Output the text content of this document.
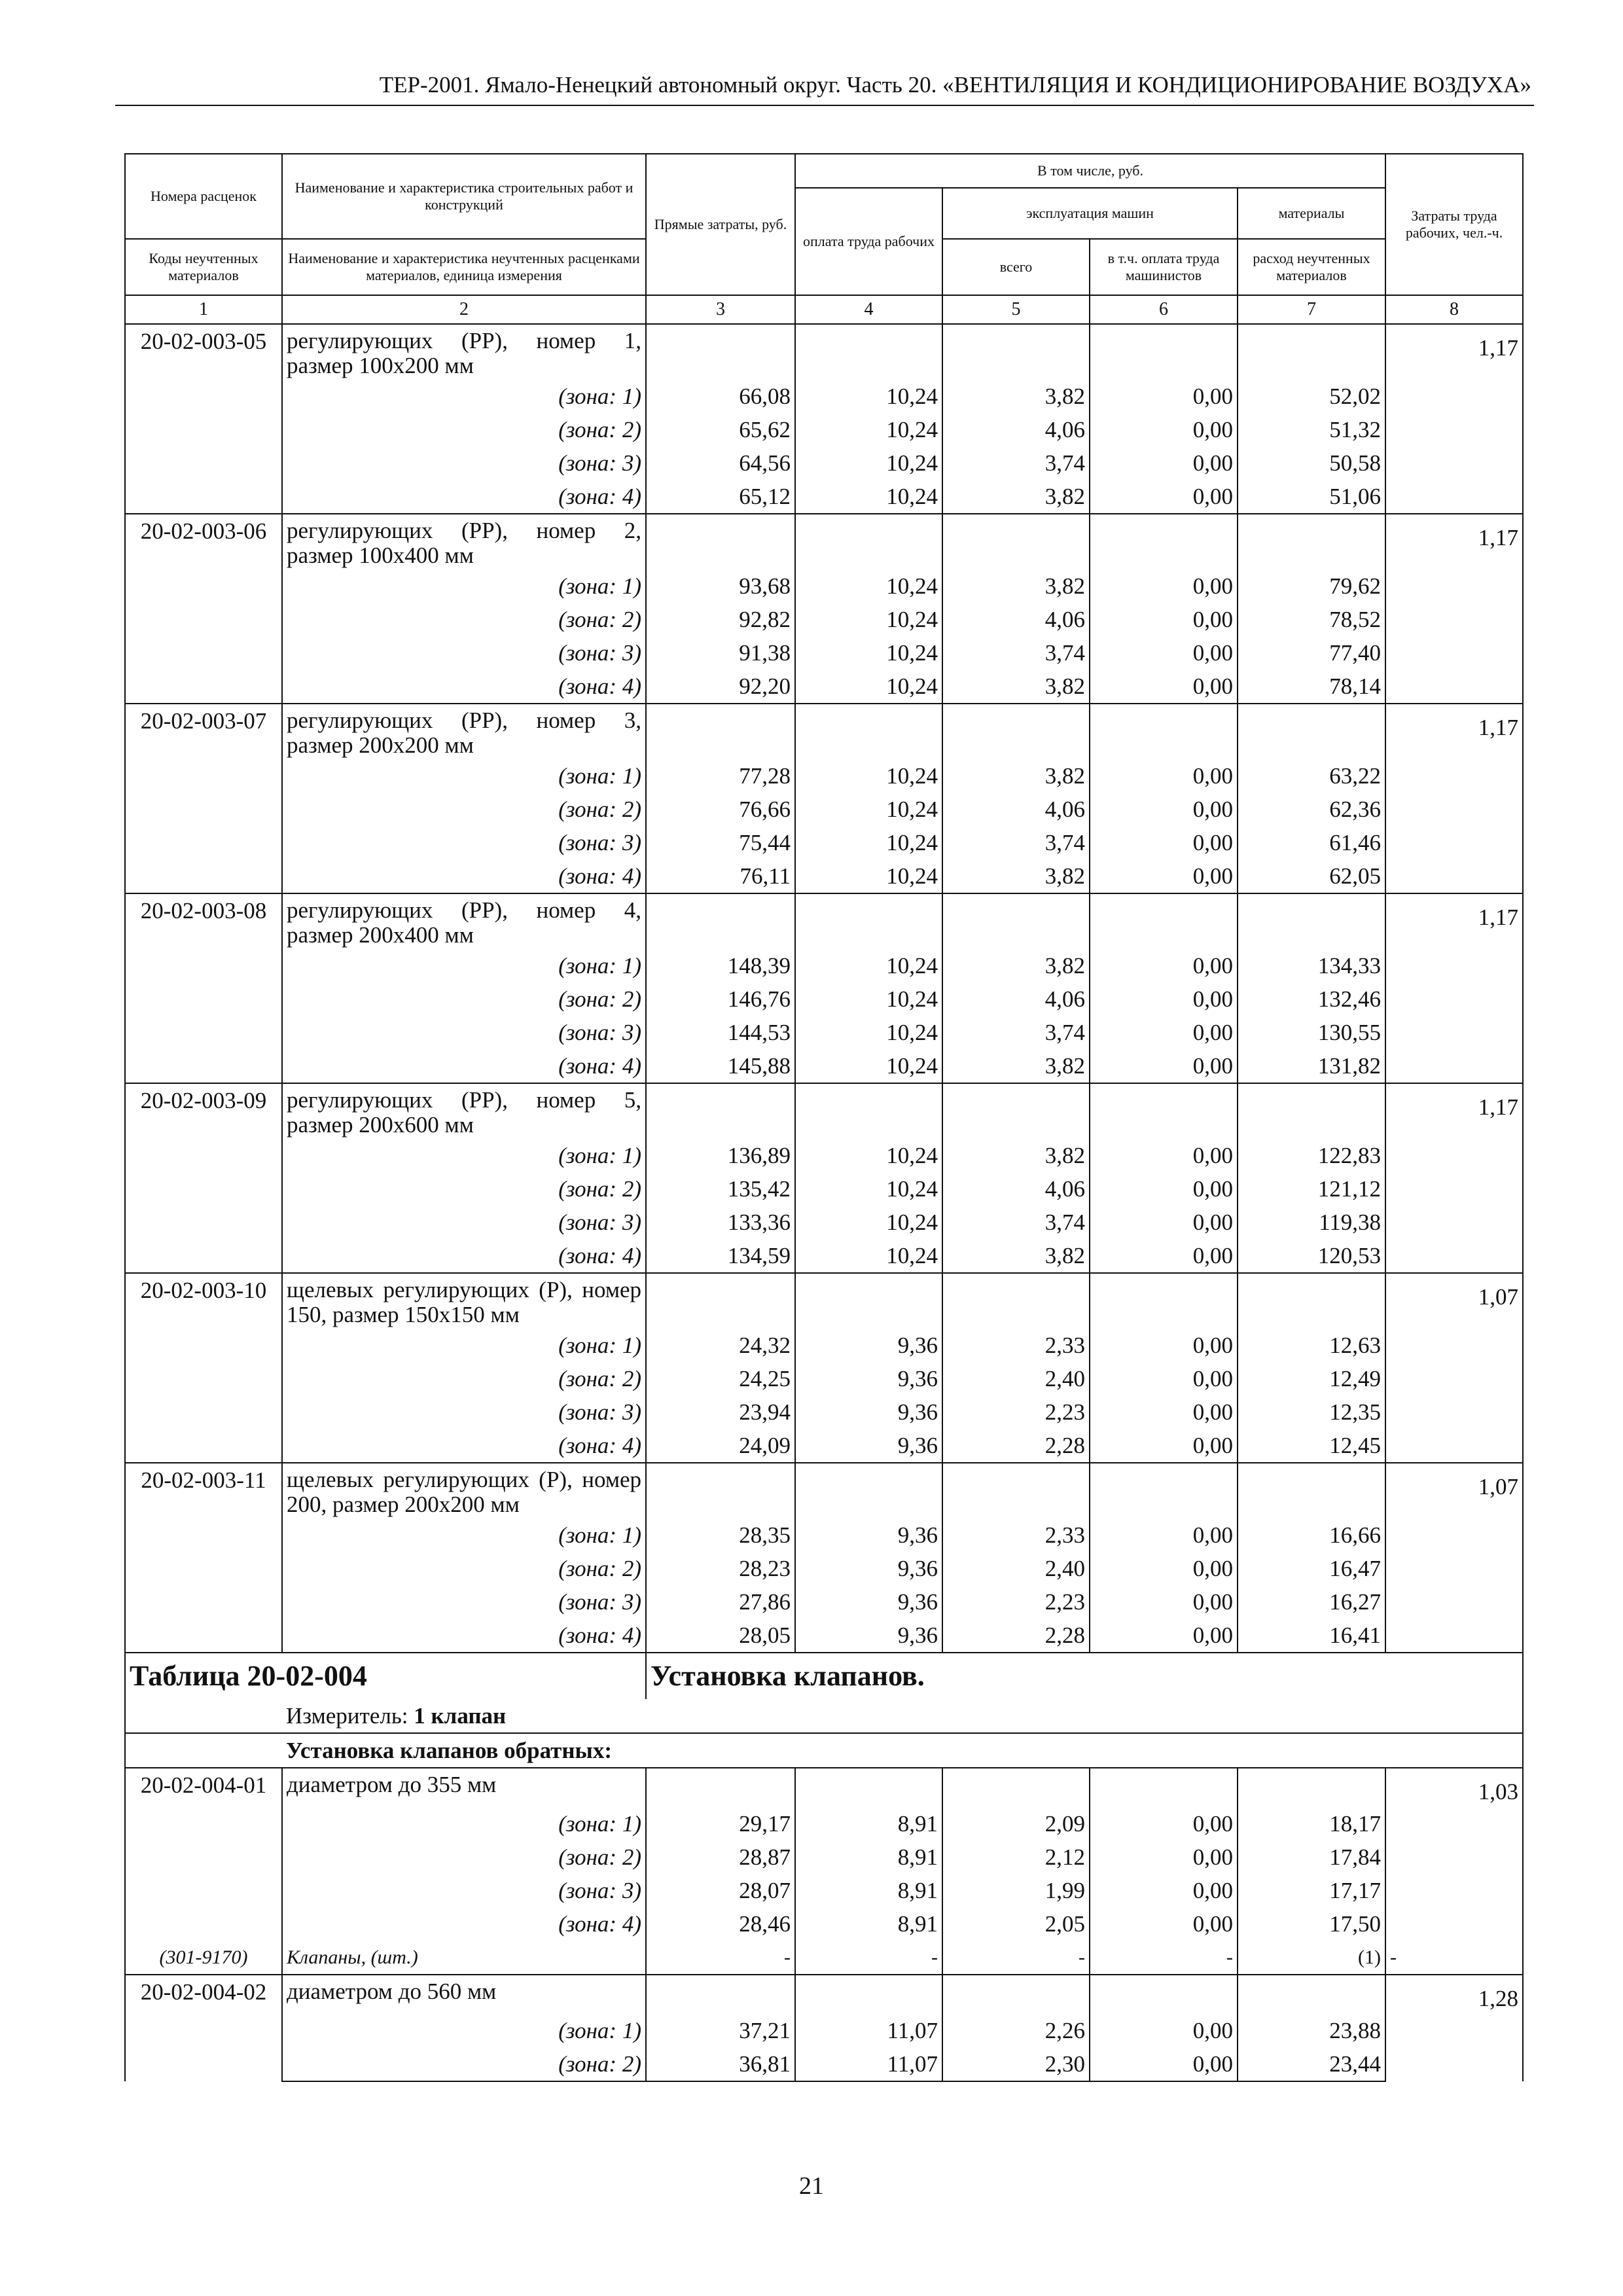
ТЕР-2001. Ямало-Ненецкий автономный округ. Часть 20. «ВЕНТИЛЯЦИЯ И КОНДИЦИОНИРОВАНИЕ ВОЗДУХА»
Номера расценок	Наименование и характеристика строительных работ и конструкций	Прямые затраты, руб.	В том числе, руб.				Затраты труда рабочих, чел.-ч.
			оплата труда рабочих	эксплуатация машин		материалы	
Коды неучтенных материалов	Наименование и характеристика неучтенных расценками материалов, единица измерения			всего	в т.ч. оплата труда машинистов	расход неучтенных материалов	
1	2	3	4	5	6	7	8
20-02-003-05	регулирующих (РР), номер 1, размер 100х200 мм						1,17
	(зона: 1)	66,08	10,24	3,82	0,00	52,02	
	(зона: 2)	65,62	10,24	4,06	0,00	51,32	
	(зона: 3)	64,56	10,24	3,74	0,00	50,58	
	(зона: 4)	65,12	10,24	3,82	0,00	51,06	
20-02-003-06	регулирующих (РР), номер 2, размер 100х400 мм						1,17
	(зона: 1)	93,68	10,24	3,82	0,00	79,62	
	(зона: 2)	92,82	10,24	4,06	0,00	78,52	
	(зона: 3)	91,38	10,24	3,74	0,00	77,40	
	(зона: 4)	92,20	10,24	3,82	0,00	78,14	
20-02-003-07	регулирующих (РР), номер 3, размер 200х200 мм						1,17
	(зона: 1)	77,28	10,24	3,82	0,00	63,22	
	(зона: 2)	76,66	10,24	4,06	0,00	62,36	
	(зона: 3)	75,44	10,24	3,74	0,00	61,46	
	(зона: 4)	76,11	10,24	3,82	0,00	62,05	
20-02-003-08	регулирующих (РР), номер 4, размер 200х400 мм						1,17
	(зона: 1)	148,39	10,24	3,82	0,00	134,33	
	(зона: 2)	146,76	10,24	4,06	0,00	132,46	
	(зона: 3)	144,53	10,24	3,74	0,00	130,55	
	(зона: 4)	145,88	10,24	3,82	0,00	131,82	
20-02-003-09	регулирующих (РР), номер 5, размер 200х600 мм						1,17
	(зона: 1)	136,89	10,24	3,82	0,00	122,83	
	(зона: 2)	135,42	10,24	4,06	0,00	121,12	
	(зона: 3)	133,36	10,24	3,74	0,00	119,38	
	(зона: 4)	134,59	10,24	3,82	0,00	120,53	
20-02-003-10	щелевых регулирующих (Р), номер 150, размер 150х150 мм						1,07
	(зона: 1)	24,32	9,36	2,33	0,00	12,63	
	(зона: 2)	24,25	9,36	2,40	0,00	12,49	
	(зона: 3)	23,94	9,36	2,23	0,00	12,35	
	(зона: 4)	24,09	9,36	2,28	0,00	12,45	
20-02-003-11	щелевых регулирующих (Р), номер 200, размер 200х200 мм						1,07
	(зона: 1)	28,35	9,36	2,33	0,00	16,66	
	(зона: 2)	28,23	9,36	2,40	0,00	16,47	
	(зона: 3)	27,86	9,36	2,23	0,00	16,27	
	(зона: 4)	28,05	9,36	2,28	0,00	16,41	
Таблица 20-02-004		Установка клапанов.					
	Измеритель: 1 клапан						
	Установка клапанов обратных:						
20-02-004-01	диаметром до 355 мм						1,03
	(зона: 1)	29,17	8,91	2,09	0,00	18,17	
	(зона: 2)	28,87	8,91	2,12	0,00	17,84	
	(зона: 3)	28,07	8,91	1,99	0,00	17,17	
	(зона: 4)	28,46	8,91	2,05	0,00	17,50	
(301-9170)	Клапаны, (шт.)	-	-	-	-	(1)	-
20-02-004-02	диаметром до 560 мм						1,28
	(зона: 1)	37,21	11,07	2,26	0,00	23,88	
	(зона: 2)	36,81	11,07	2,30	0,00	23,44	
21
